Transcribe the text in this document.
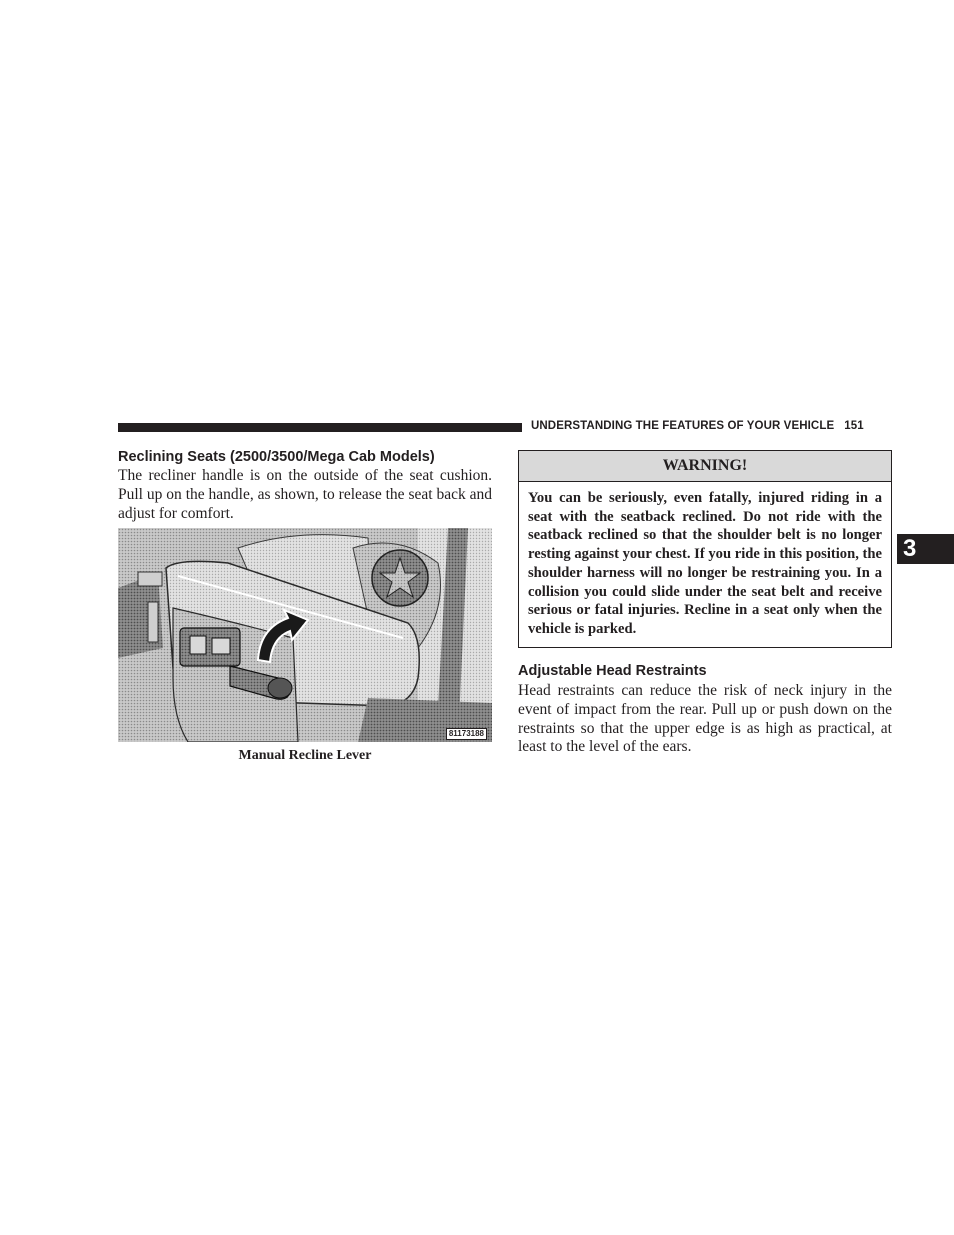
UNDERSTANDING THE FEATURES OF YOUR VEHICLE 151
3
Reclining Seats (2500/3500/Mega Cab Models)
The recliner handle is on the outside of the seat cushion. Pull up on the handle, as shown, to release the seat back and adjust for comfort.
81173188
Manual Recline Lever
WARNING!
You can be seriously, even fatally, injured riding in a seat with the seatback reclined. Do not ride with the seatback reclined so that the shoulder belt is no longer resting against your chest. If you ride in this position, the shoulder harness will no longer be restraining you. In a collision you could slide under the seat belt and receive serious or fatal injuries. Recline in a seat only when the vehicle is parked.
Adjustable Head Restraints
Head restraints can reduce the risk of neck injury in the event of impact from the rear. Pull up or push down on the restraints so that the upper edge is as high as practical, at least to the level of the ears.
